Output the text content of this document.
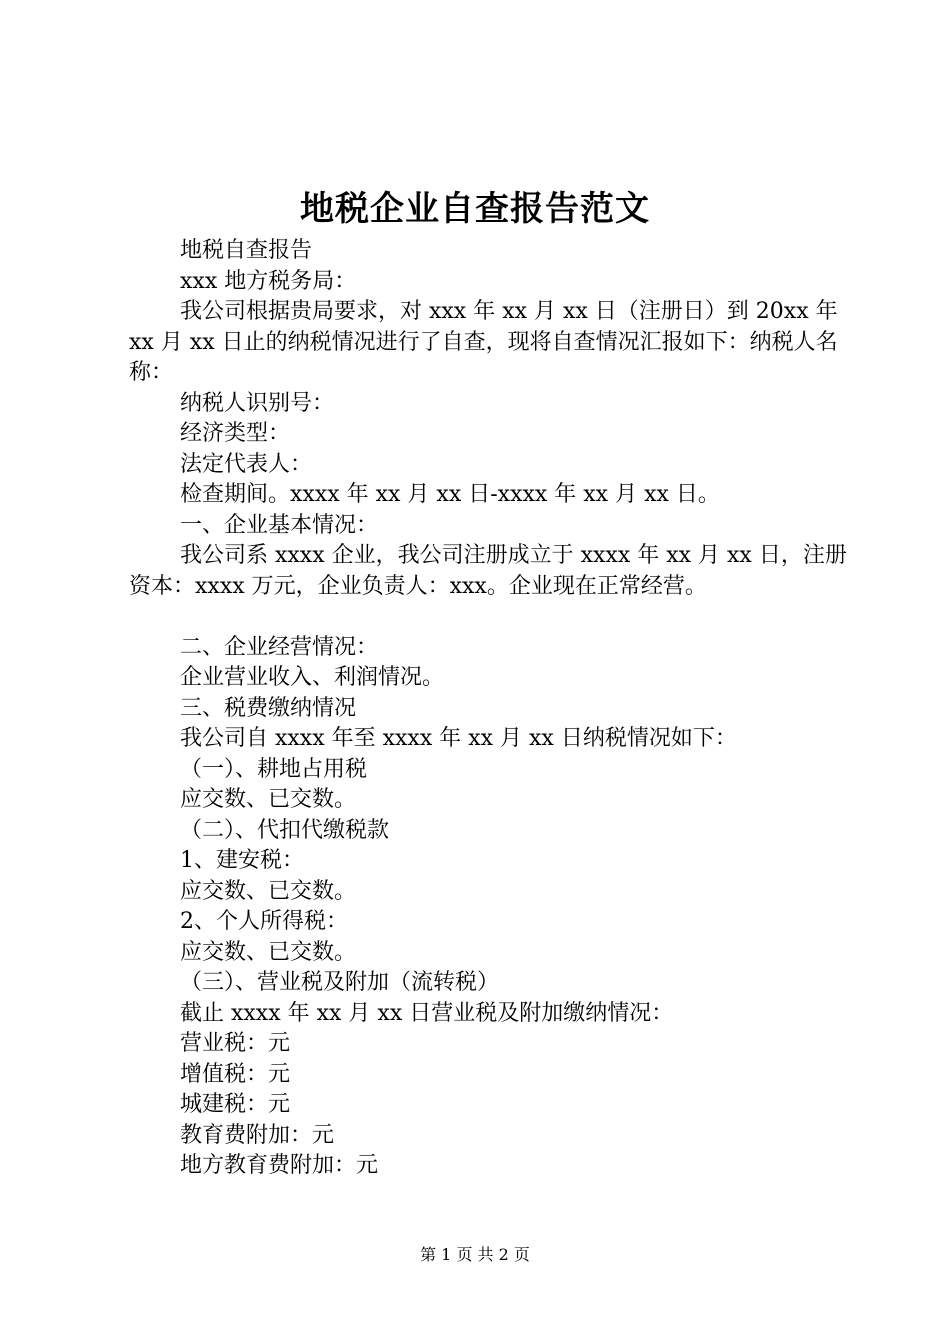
地税企业自查报告范文

地税自查报告

xxx 地方税务局：

我公司根据贵局要求，对 xxx 年 xx 月 xx 日（注册日）到 20xx 年 xx 月 xx 日止的纳税情况进行了自查，现将自查情况汇报如下：纳税人名称：

纳税人识别号：

经济类型：

法定代表人：

检查期间。xxxx 年 xx 月 xx 日-xxxx 年 xx 月 xx 日。

一、企业基本情况：

我公司系 xxxx 企业，我公司注册成立于 xxxx 年 xx 月 xx 日，注册资本：xxxx 万元，企业负责人：xxx。企业现在正常经营。

二、企业经营情况：

企业营业收入、利润情况。

三、税费缴纳情况

我公司自 xxxx 年至 xxxx 年 xx 月 xx 日纳税情况如下：

（一）、耕地占用税

应交数、已交数。

（二）、代扣代缴税款

1、建安税：

应交数、已交数。

2、个人所得税：

应交数、已交数。

（三）、营业税及附加（流转税）

截止 xxxx 年 xx 月 xx 日营业税及附加缴纳情况：

营业税：元

增值税：元

城建税：元

教育费附加：元

地方教育费附加：元

第 1 页 共 2 页
